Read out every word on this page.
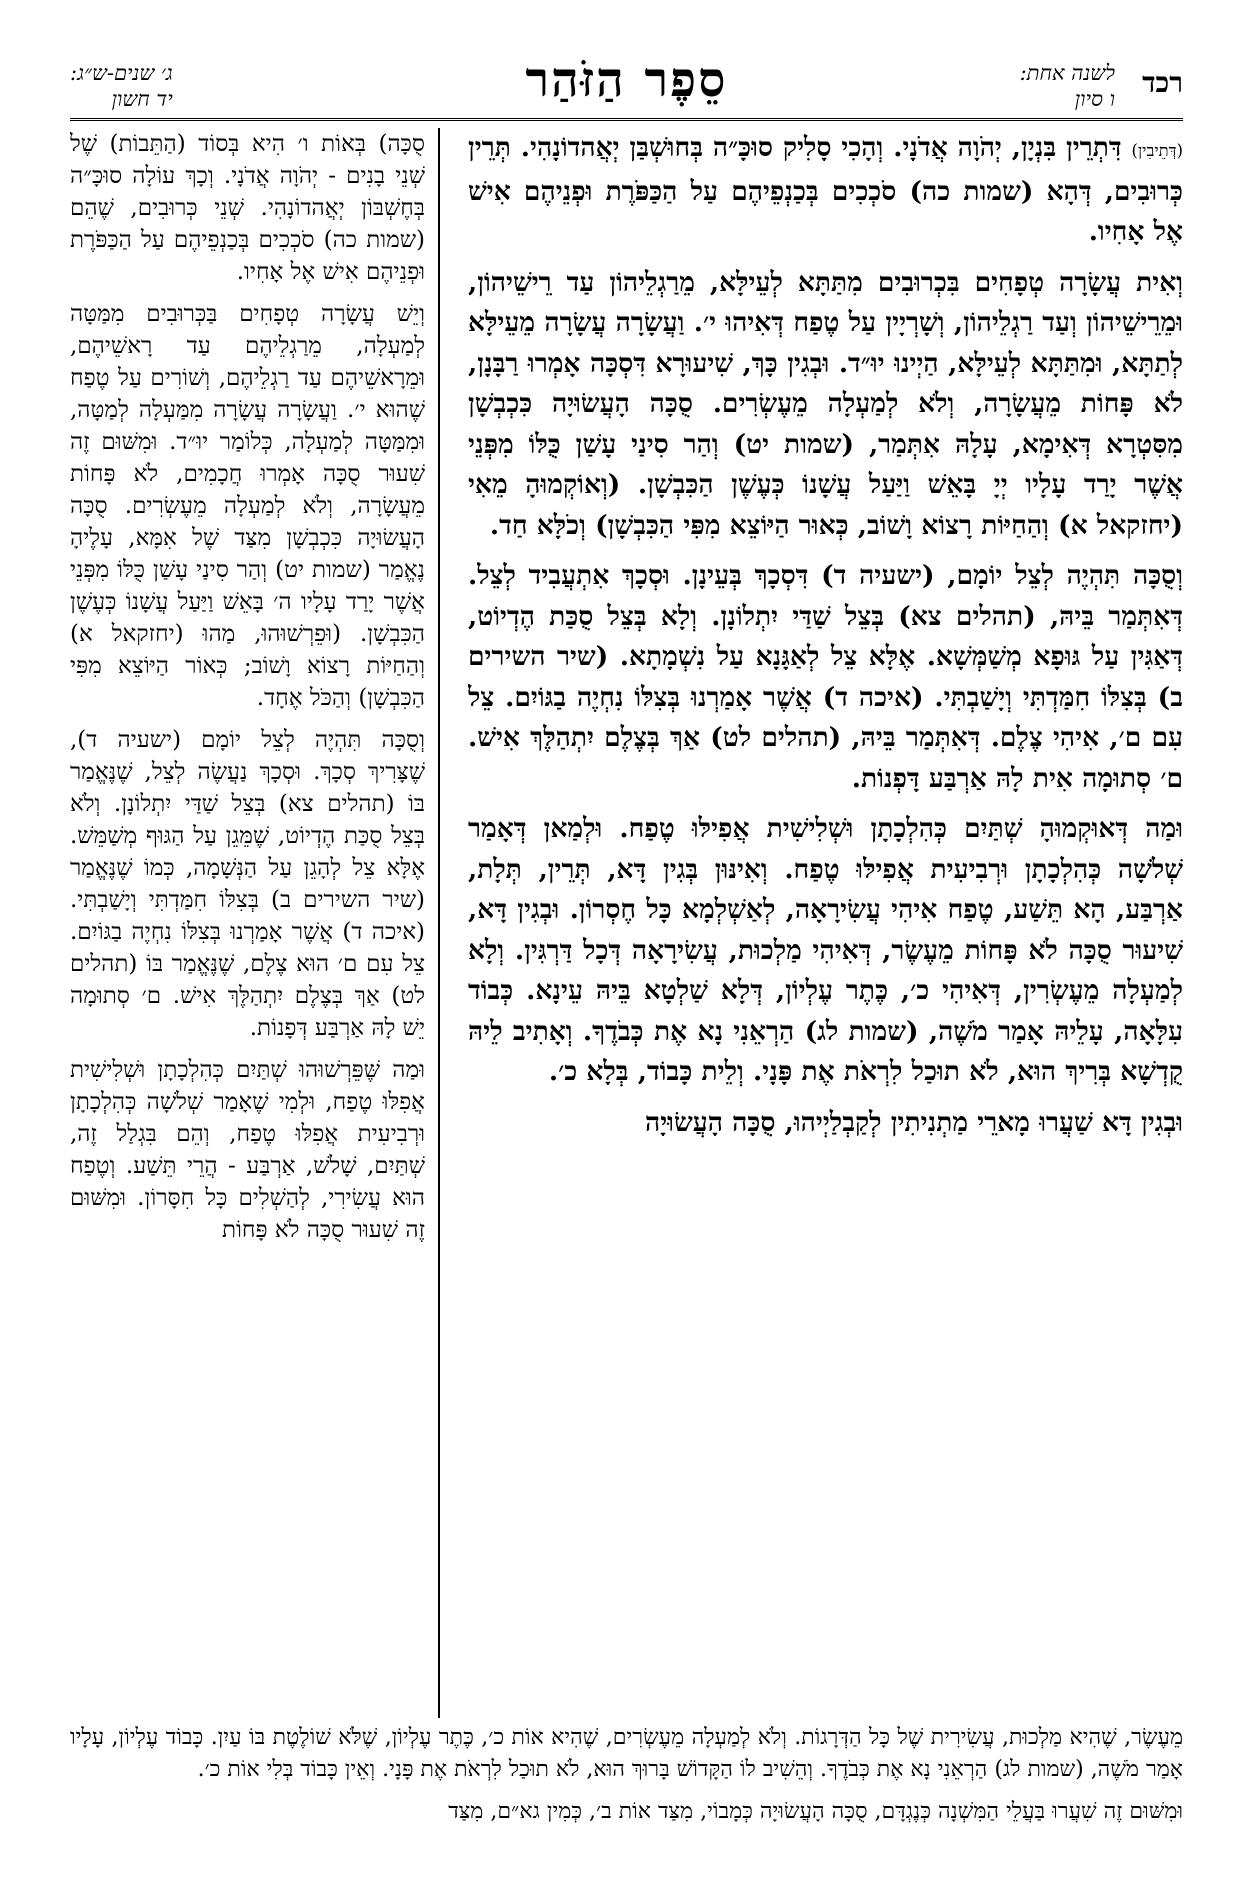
רכד
לשנה אחת:
ו סיון
סֵפֶר הַזֹּהַר
ג׳ שנים-ש״ג:
יד חשון

(דְּתֵיבִין) דִּתְרֵין בִּנְיָן, יְהֹוָה אֲדֹנָי. וְהָכִי סָלִיק סוּכָּ״ה בְּחוּשְׁבַּן יְאֲהדוֹנָהִי. תְּרֵין כְּרוּבִים, דְּהָא (שמות כה) סֹכְכִים בְּכַנְפֵיהֶם עַל הַכַּפֹּרֶת וּפְנֵיהֶם אִישׁ אֶל אָחִיו.

וְאִית עֲשָׂרָה טְפָחִים בִּכְרוּבִים מִתַּתָּא לְעֵילָּא, מֵרַגְלֵיהוֹן עַד רֵישֵׁיהוֹן, וּמֵרֵישֵׁיהוֹן וְעַד רַגְלֵיהוֹן, וְשָׁרְיָין עַל טֶפַח דְּאִיהוּ י׳. וַעֲשָׂרָה עֲשָׂרָה מֵעֵילָּא לְתַתָּא, וּמִתַּתָּא לְעֵילָּא, הַיְינוּ יוּ״ד. וּבְגִין כָּךְ, שִׁיעוּרָא דִּסְכָּה אָמְרוּ רַבָּנָן, לֹא פָּחוֹת מֵעֲשָׂרָה, וְלֹא לְמַעְלָה מֵעֶשְׂרִים. סֻכָּה הָעֲשׂוּיָה כִּכְבְשָׁן מִסִּטְרָא דְּאִימָא, עָלָהּ אִתְּמַר, (שמות יט) וְהַר סִינַי עָשַׁן כֻּלּוֹ מִפְּנֵי אֲשֶׁר יָרַד עָלָיו יְיָ בָּאֵשׁ וַיַּעַל עֲשָׁנוֹ כְּעֶשֶׁן הַכִּבְשָׁן. (וְאוֹקְמוּהָ מֵאִי (יחזקאל א) וְהַחַיּוֹת רָצוֹא וָשׁוֹב, כְּאוּר הַיּוֹצֵא מִפִּי הַכִּבְשָׁן) וְכֹלָּא חַד.

וְסֻכָּה תִּהְיֶה לְצֵל יוֹמָם, (ישעיה ד) דִּסְכָךְ בְּעֵינָן. וּסְכָךְ אִתְעֲבִיד לְצֵל. דְּאִתְּמַר בֵּיהּ, (תהלים צא) בְּצֵל שַׁדַּי יִתְלוֹנָן. וְלָא בְּצֵל סֻכַּת הֶדְיוֹט, דְּאַגִּין עַל גּוּפָא מְשַׁמְּשָׁא. אֶלָּא צֵל לְאַגָּנָא עַל נִשְׁמָתָא. (שיר השירים ב) בְּצִלּוֹ חִמַּדְתִּי וְיָשַׁבְתִּי. (איכה ד) אֲשֶׁר אָמַרְנוּ בְּצִלּוֹ נִחְיֶה בַגּוֹיִם. צֵל עִם ם׳, אִיהִי צֶלֶם. דְּאִתְּמַר בֵּיהּ, (תהלים לט) אַךְ בְּצֶלֶם יִתְהַלֶּךְ אִישׁ. ם׳ סְתוּמָה אִית לָהּ אַרְבַּע דָּפְנוֹת.

וּמַה דְּאוּקְמוּהָ שְׁתַּיִם כְּהִלְכָתָן וּשְׁלִישִׁית אֲפִילּוּ טֶפַח. וּלְמַאן דְּאָמַר שְׁלֹשָׁה כְּהִלְכָתָן וּרְבִיעִית אֲפִילּוּ טֶפַח. וְאִינּוּן בְּגִין דָּא, תְּרֵין, תְּלָת, אַרְבַּע, הָא תֵּשַׁע, טֶפַח אִיהִי עֲשִׂירָאָה, לְאַשְׁלְמָא כָּל חֶסְרוֹן. וּבְגִין דָּא, שִׁיעוּר סֻכָּה לֹא פָּחוֹת מֵעֶשֶׂר, דְּאִיהִי מַלְכוּת, עֲשִׂירָאָה דְּכָל דַּרְגִּין. וְלָא לְמַעְלָה מֵעֶשְׂרִין, דְּאִיהִי כ׳, כֶּתֶר עֶלְיוֹן, דְּלָא שַׁלְטָא בֵּיהּ עֵינָא. כְּבוֹד עִלָּאָה, עָלֵיהּ אָמַר מֹשֶׁה, (שמות לג) הַרְאֵנִי נָא אֶת כְּבֹדֶךָ. וְאָתִיב לֵיהּ קֻדְשָׁא בְּרִיךְ הוּא, לֹא תוּכַל לִרְאֹת אֶת פָּנָי. וְלֵית כָּבוֹד, בְּלָא כ׳.

וּבְגִין דָּא שַׁעֲרוּ מָארֵי מַתְנִיתִין לְקַבְלַיְיהוּ, סֻכָּה הָעֲשׂוּיָה

סֻכָּה) בְּאוֹת ו׳ הִיא בְּסוֹד (הַתֵּבוֹת) שֶׁל שְׁנֵי בָנִים - יְהֹוָה אֲדֹנָי. וְכָךְ עוֹלָה סוּכָּ״ה בְּחֶשְׁבּוֹן יְאֲהדוֹנָהִי. שְׁנֵי כְּרוּבִים, שֶׁהֵם (שמות כה) סֹכְכִים בְּכַנְפֵיהֶם עַל הַכַּפֹּרֶת וּפְנֵיהֶם אִישׁ אֶל אָחִיו.

וְיֵשׁ עֲשָׂרָה טְפָחִים בַּכְּרוּבִים מִמַּטָּה לְמַעְלָה, מֵרַגְלֵיהֶם עַד רָאשֵׁיהֶם, וּמֵרָאשֵׁיהֶם עַד רַגְלֵיהֶם, וְשׁוֹרִים עַל טֶפַח שֶׁהוּא י׳. וַעֲשָׂרָה עֲשָׂרָה מִמַּעְלָה לְמַטָּה, וּמִמַּטָּה לְמַעְלָה, כְּלוֹמַר יוּ״ד. וּמִשּׁוּם זֶה שִׁעוּר סֻכָּה אָמְרוּ חֲכָמִים, לֹא פָּחוֹת מֵעֲשָׂרָה, וְלֹא לְמַעְלָה מֵעֶשְׂרִים. סֻכָּה הָעֲשׂוּיָה כִּכְבְשָׁן מִצַּד שֶׁל אִמָּא, עָלֶיהָ נֶאֱמַר (שמות יט) וְהַר סִינַי עָשַׁן כֻּלּוֹ מִפְּנֵי אֲשֶׁר יָרַד עָלָיו ה׳ בָּאֵשׁ וַיַּעַל עֲשָׁנוֹ כְּעֶשֶׁן הַכִּבְשָׁן. (וּפֵרְשׁוּהוּ, מַהוּ (יחזקאל א) וְהַחַיּוֹת רָצוֹא וָשׁוֹב; כְּאוֹר הַיּוֹצֵא מִפִּי הַכִּבְשָׁן) וְהַכֹּל אֶחָד.

וְסֻכָּה תִּהְיֶה לְצֵל יוֹמָם (ישעיה ד), שֶׁצָּרִיךְ סְכָךְ. וּסְכָךְ נַעֲשֶׂה לְצֵל, שֶׁנֶּאֱמַר בּוֹ (תהלים צא) בְּצֵל שַׁדַּי יִתְלוֹנָן. וְלֹא בְּצֵל סֻכַּת הֶדְיוֹט, שֶׁמֵּגֵן עַל הַגּוּף מְשַׁמֵּשׁ. אֶלָּא צֵל לְהָגֵן עַל הַנְּשָׁמָה, כְּמוֹ שֶׁנֶּאֱמַר (שיר השירים ב) בְּצִלּוֹ חִמַּדְתִּי וְיָשַׁבְתִּי. (איכה ד) אֲשֶׁר אָמַרְנוּ בְּצִלּוֹ נִחְיֶה בַגּוֹיִם. צֵל עִם ם׳ הוּא צֶלֶם, שֶׁנֶּאֱמַר בּוֹ (תהלים לט) אַךְ בְּצֶלֶם יִתְהַלֶּךְ אִישׁ. ם׳ סְתוּמָה יֵשׁ לָהּ אַרְבַּע דְּפָנוֹת.

וּמַה שֶּׁפֵּרְשׁוּהוּ שְׁתַּיִם כְּהִלְכָתָן וּשְׁלִישִׁית אֲפִלּוּ טֶפַח, וּלְמִי שֶׁאָמַר שְׁלֹשָׁה כְּהִלְכָתָן וּרְבִיעִית אֲפִלּוּ טֶפַח, וְהֵם בִּגְלַל זֶה, שְׁתַּיִם, שָׁלֹשׁ, אַרְבַּע - הֲרֵי תֵּשַׁע. וְטֶפַח הוּא עֲשִׂירִי, לְהַשְׁלִים כָּל חִסָּרוֹן. וּמִשּׁוּם זֶה שִׁעוּר סֻכָּה לֹא פָּחוֹת

מֵעֶשֶׂר, שֶׁהִיא מַלְכוּת, עֲשִׂירִית שֶׁל כָּל הַדְּרָגוֹת. וְלֹא לְמַעְלָה מֵעֶשְׂרִים, שֶׁהִיא אוֹת כ׳, כֶּתֶר עֶלְיוֹן, שֶׁלֹּא שׁוֹלֶטֶת בּוֹ עַיִן. כָּבוֹד עֶלְיוֹן, עָלָיו אָמַר מֹשֶׁה, (שמות לג) הַרְאֵנִי נָא אֶת כְּבֹדֶךָ. וְהֵשִׁיב לוֹ הַקָּדוֹשׁ בָּרוּךְ הוּא, לֹא תוּכַל לִרְאֹת אֶת פָּנָי. וְאֵין כָּבוֹד בְּלִי אוֹת כ׳.

וּמִשּׁוּם זֶה שִׁעֲרוּ בַּעֲלֵי הַמִּשְׁנָה כְּנֶגְדָּם, סֻכָּה הָעֲשׂוּיָה כְּמָבוֹי, מִצַּד אוֹת ב׳, כְּמִין גא״ם, מִצַּד
